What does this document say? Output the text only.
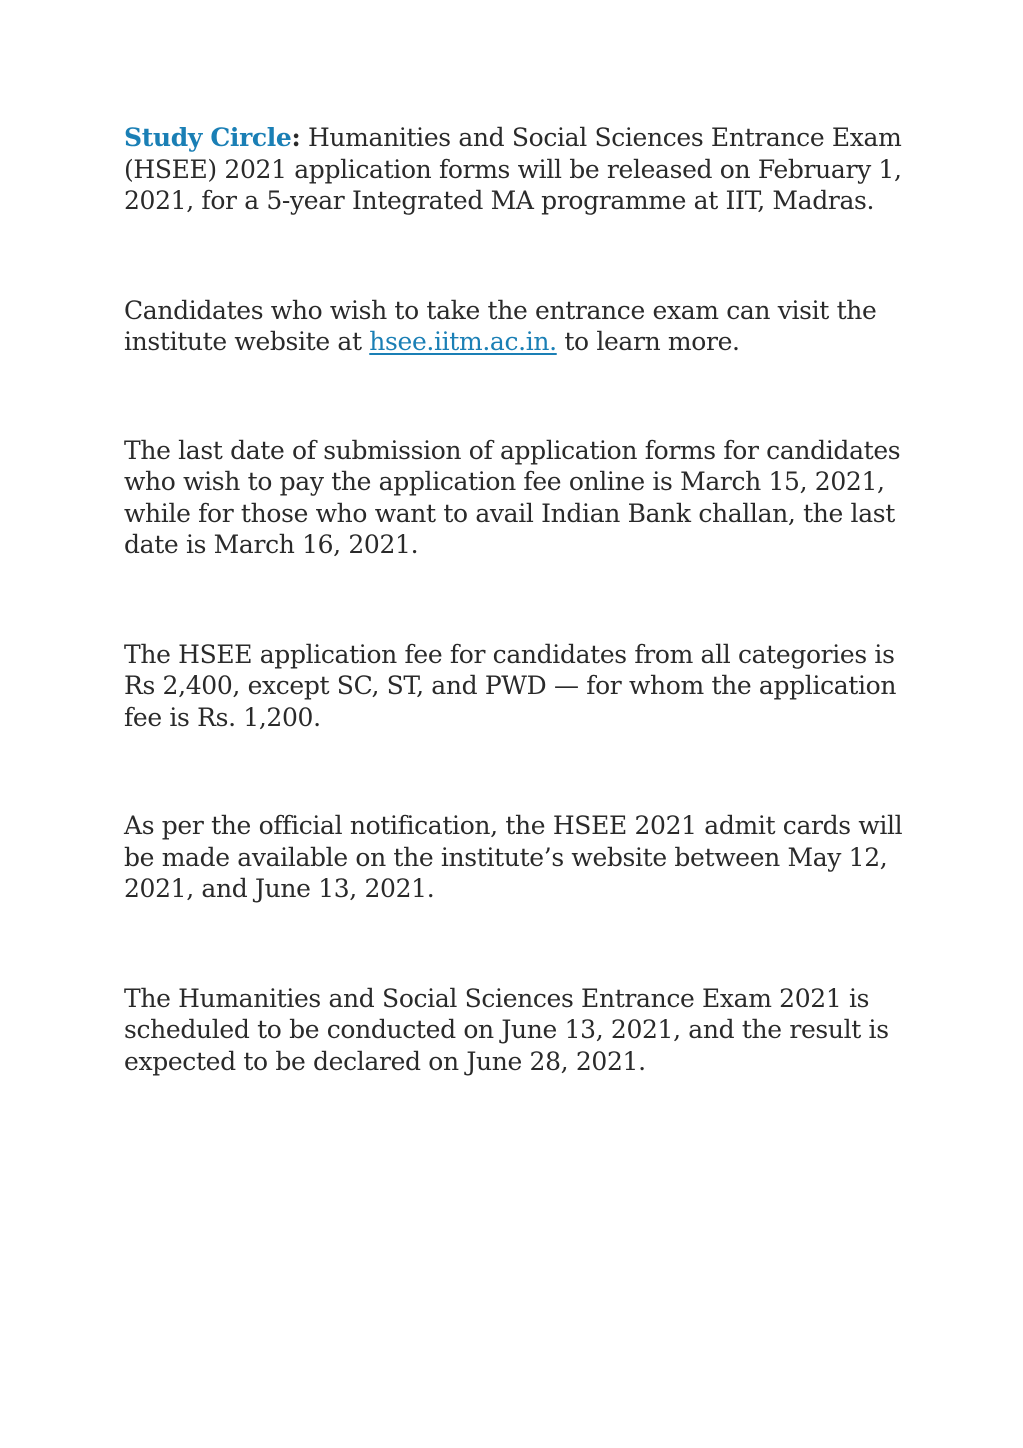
Study Circle: Humanities and Social Sciences Entrance Exam (HSEE) 2021 application forms will be released on February 1, 2021, for a 5-year Integrated MA programme at IIT, Madras.

Candidates who wish to take the entrance exam can visit the institute website at hsee.iitm.ac.in. to learn more.

The last date of submission of application forms for candidates who wish to pay the application fee online is March 15, 2021, while for those who want to avail Indian Bank challan, the last date is March 16, 2021.

The HSEE application fee for candidates from all categories is Rs 2,400, except SC, ST, and PWD — for whom the application fee is Rs. 1,200.

As per the official notification, the HSEE 2021 admit cards will be made available on the institute’s website between May 12, 2021, and June 13, 2021.

The Humanities and Social Sciences Entrance Exam 2021 is scheduled to be conducted on June 13, 2021, and the result is expected to be declared on June 28, 2021.
